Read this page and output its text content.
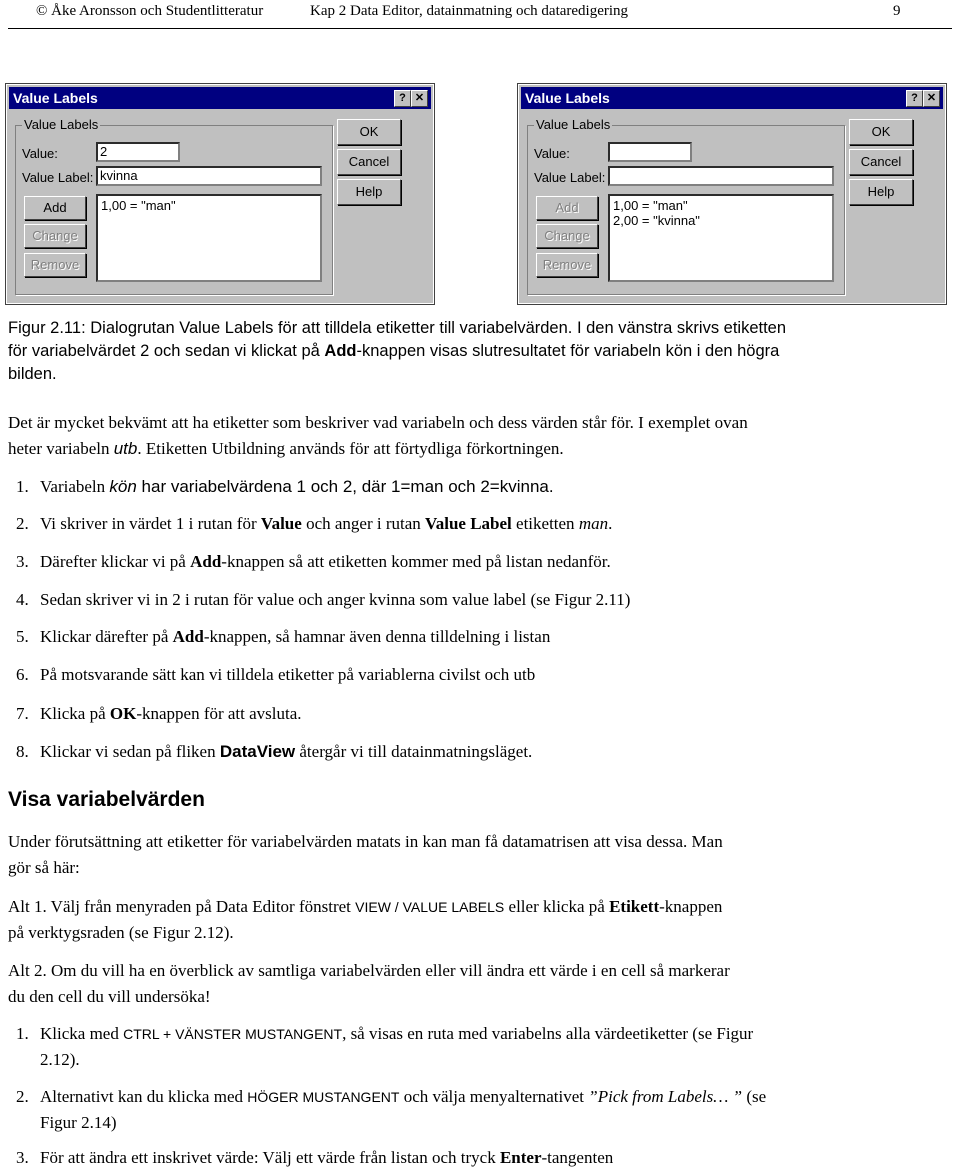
© Åke Aronsson och Studentlitteratur	Kap 2 Data Editor, datainmatning och dataredigering	9
Value Labels	? ✕
Value Labels
Value:	2
Value Label: kvinna
Add
Change
Remove
1,00 = "man"
OK
Cancel
Help
Value Labels	? ✕
Value Labels
Value:
Value Label:
Add
Change
Remove
1,00 = "man"
2,00 = "kvinna"
OK
Cancel
Help
Figur 2.11: Dialogrutan Value Labels för att tilldela etiketter till variabelvärden. I den vänstra skrivs etiketten
för variabelvärdet 2 och sedan vi klickat på Add-knappen visas slutresultatet för variabeln kön i den högra
bilden.
Det är mycket bekvämt att ha etiketter som beskriver vad variabeln och dess värden står för. I exemplet ovan
heter variabeln utb. Etiketten Utbildning används för att förtydliga förkortningen.
1. Variabeln kön har variabelvärdena 1 och 2, där 1=man och 2=kvinna.
2. Vi skriver in värdet 1 i rutan för Value och anger i rutan Value Label etiketten man.
3. Därefter klickar vi på Add-knappen så att etiketten kommer med på listan nedanför.
4. Sedan skriver vi in 2 i rutan för value och anger kvinna som value label (se Figur 2.11)
5. Klickar därefter på Add-knappen, så hamnar även denna tilldelning i listan
6. På motsvarande sätt kan vi tilldela etiketter på variablerna civilst och utb
7. Klicka på OK-knappen för att avsluta.
8. Klickar vi sedan på fliken DataView återgår vi till datainmatningsläget.
Visa variabelvärden
Under förutsättning att etiketter för variabelvärden matats in kan man få datamatrisen att visa dessa. Man
gör så här:
Alt 1. Välj från menyraden på Data Editor fönstret VIEW / VALUE LABELS eller klicka på Etikett-knappen
på verktygsraden (se Figur 2.12).
Alt 2. Om du vill ha en överblick av samtliga variabelvärden eller vill ändra ett värde i en cell så markerar
du den cell du vill undersöka!
1. Klicka med CTRL + VÄNSTER MUSTANGENT, så visas en ruta med variabelns alla värdeetiketter (se Figur
2.12).
2. Alternativt kan du klicka med HÖGER MUSTANGENT och välja menyalternativet ”Pick from Labels… ” (se
Figur 2.14)
3. För att ändra ett inskrivet värde: Välj ett värde från listan och tryck Enter-tangenten
